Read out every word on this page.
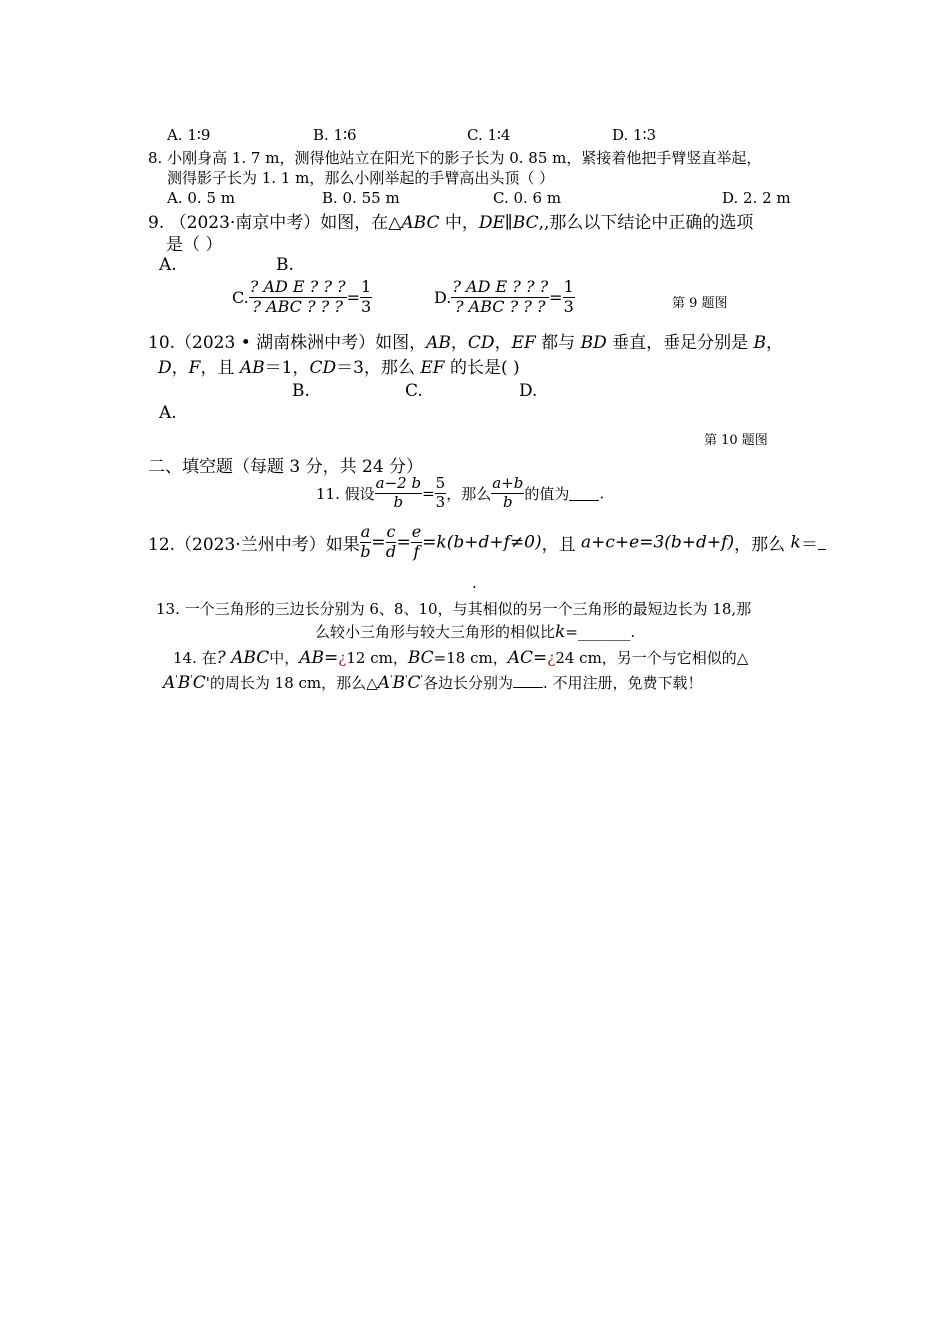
A. 1∶9	B. 1∶6	C. 1∶4	D. 1∶3
8. 小刚身高 1. 7 m，测得他站立在阳光下的影子长为 0. 85 m，紧接着他把手臂竖直举起，
测得影子长为 1. 1 m，那么小刚举起的手臂高出头顶（ ）
A. 0. 5 m	B. 0. 55 m	C. 0. 6 m	D. 2. 2 m
9. （2023·南京中考）如图，在△ABC 中，DE∥BC,,那么以下结论中正确的选项
是（ ）
A.	B.
C. $\frac{\text{? AD E ? ? ?}}{\text{? ABC ? ? ?}} = \frac{1}{3}$	D. $\frac{\text{? AD E ? ? ?}}{\text{? ABC ? ? ?}} = \frac{1}{3}$	第 9 题图
10.（2023 • 湖南株洲中考）如图，AB，CD，EF 都与 BD 垂直，垂足分别是 B，
D，F，且 AB＝1，CD＝3，那么 EF 的长是( )
B.	C.	D.
A.
第 10 题图
二、填空题（每题 3 分，共 24 分）
11. 假设 $\frac{a-2 b}{b} = \frac{5}{3}$ ，那么 $\frac{a+b}{b}$ 的值为 .
12.（2023·兰州中考）如果 $\frac{a}{b} = \frac{c}{d} = \frac{e}{f} =k(b+d+f\ne 0)$，且 a+c+e=3(b+d+f)，那么 k＝
.
13. 一个三角形的三边长分别为 6、8、10，与其相似的另一个三角形的最短边长为 18,那
么较小三角形与较大三角形的相似比k=_______.
14. 在? ABC中，AB=¿12 cm，BC=18 cm，AC=¿24 cm，另一个与它相似的△
A'B'C'的周长为 18 cm，那么△A'B'C'各边长分别为 . 不用注册，免费下载！
